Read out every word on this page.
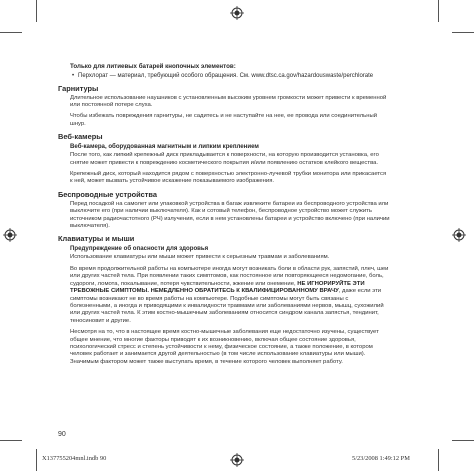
Только для литиевых батарей кнопочных элементов:
• Перхлорат — материал, требующий особого обращения. См. www.dtsc.ca.gov/hazardouswaste/perchlorate
Гарнитуры
Длительное использование наушников с установленным высоким уровнем громкости может привести к временной или постоянной потере слуха.
Чтобы избежать повреждения гарнитуры, не садитесь и не наступайте на нее, ее провода или соединительный шнур.
Веб-камеры
Веб-камера, оборудованная магнитным и липким креплением
После того, как липкий крепежный диск прикладывается к поверхности, на которую производится установка, его снятие может привести к повреждению косметического покрытия и/или появлению остатков клейкого вещества.
Крепежный диск, который находится рядом с поверхностью электронно-лучевой трубки монитора или прикасается к ней, может вызвать устойчивое искажение показываемого изображения.
Беспроводные устройства
Перед посадкой на самолет или упаковкой устройства в багаж извлеките батареи из беспроводного устройства или выключите его (при наличии выключателя). Как и сотовый телефон, беспроводное устройство может служить источником радиочастотного (РЧ) излучения, если в нем установлены батареи и устройство включено (при наличии выключателя).
Клавиатуры и мыши
Предупреждение об опасности для здоровья
Использование клавиатуры или мыши может привести к серьезным травмам и заболеваниям.
Во время продолжительной работы на компьютере иногда могут возникать боли в области рук, запястий, плеч, шеи или других частей тела. При появлении таких симптомов, как постоянное или повторяющееся недомогание, боль, судороги, ломота, покалывание, потеря чувствительности, жжение или онемение, НЕ ИГНОРИРУЙТЕ ЭТИ ТРЕВОЖНЫЕ СИМПТОМЫ. НЕМЕДЛЕННО ОБРАТИТЕСЬ К КВАЛИФИЦИРОВАННОМУ ВРАЧУ, даже если эти симптомы возникают не во время работы на компьютере. Подобные симптомы могут быть связаны с болезненными, а иногда и приводящими к инвалидности травмами или заболеваниями нервов, мышц, сухожилий или других частей тела. К этим костно-мышечным заболеваниям относится синдром канала запястья, тендинит, теносиновит и другие.
Несмотря на то, что в настоящее время костно-мышечные заболевания еще недостаточно изучены, существует общее мнение, что многие факторы приводят к их возникновению, включая общее состояние здоровья, психологический стресс и степень устойчивости к нему, физическое состояние, а также положение, в котором человек работает и занимается другой деятельностью (в том числе использование клавиатуры или мыши). Значимым фактором может также выступать время, в течение которого человек выполняет работу.
90
X137755204mnl.indb 90	5/23/2008 1:49:12 PM
